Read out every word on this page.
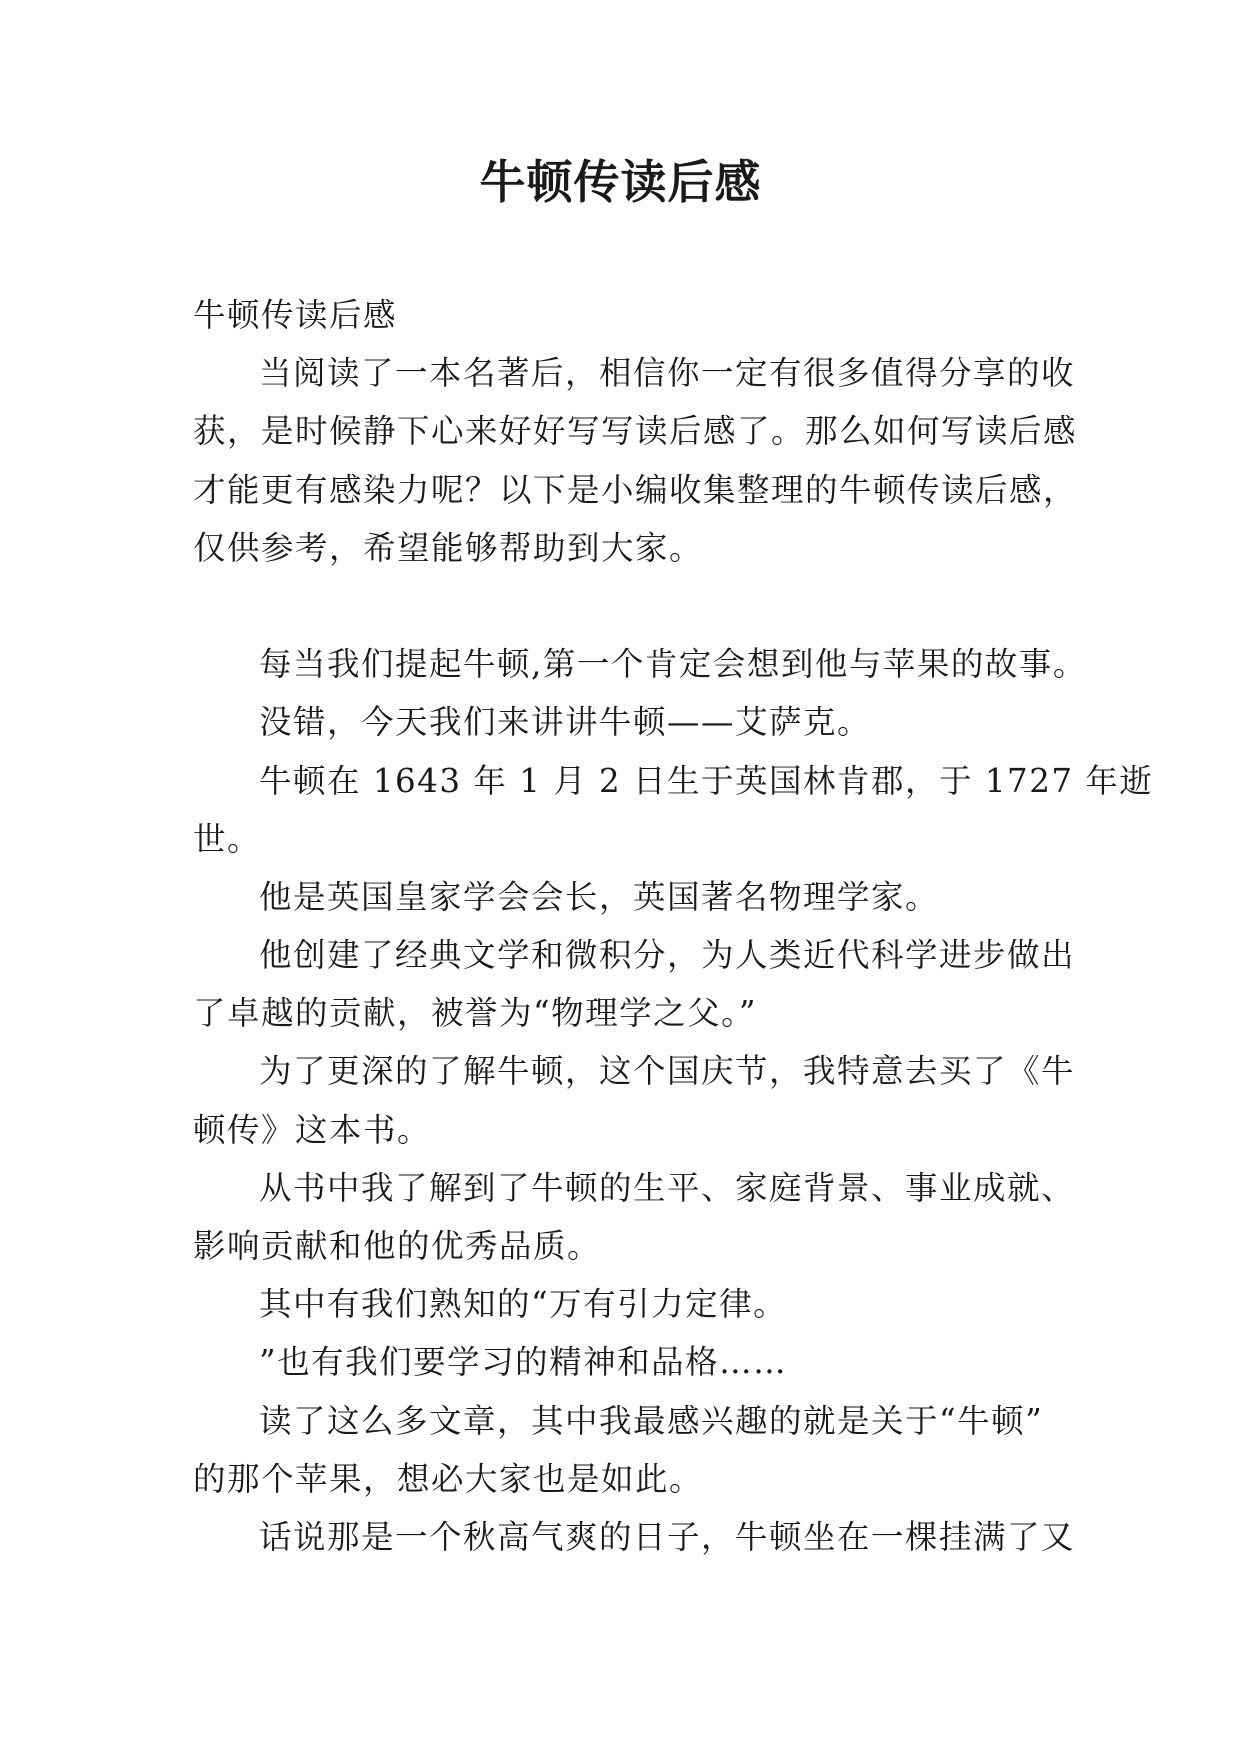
牛顿传读后感
牛顿传读后感
当阅读了一本名著后，相信你一定有很多值得分享的收
获，是时候静下心来好好写写读后感了。那么如何写读后感
才能更有感染力呢？以下是小编收集整理的牛顿传读后感，
仅供参考，希望能够帮助到大家。
每当我们提起牛顿,第一个肯定会想到他与苹果的故事。
没错，今天我们来讲讲牛顿——艾萨克。
牛顿在 1643 年 1 月 2 日生于英国林肯郡，于 1727 年逝
世。
他是英国皇家学会会长，英国著名物理学家。
他创建了经典文学和微积分，为人类近代科学进步做出
了卓越的贡献，被誉为“物理学之父。”
为了更深的了解牛顿，这个国庆节，我特意去买了《牛
顿传》这本书。
从书中我了解到了牛顿的生平、家庭背景、事业成就、
影响贡献和他的优秀品质。
其中有我们熟知的“万有引力定律。
”也有我们要学习的精神和品格……
读了这么多文章，其中我最感兴趣的就是关于“牛顿”
的那个苹果，想必大家也是如此。
话说那是一个秋高气爽的日子，牛顿坐在一棵挂满了又
